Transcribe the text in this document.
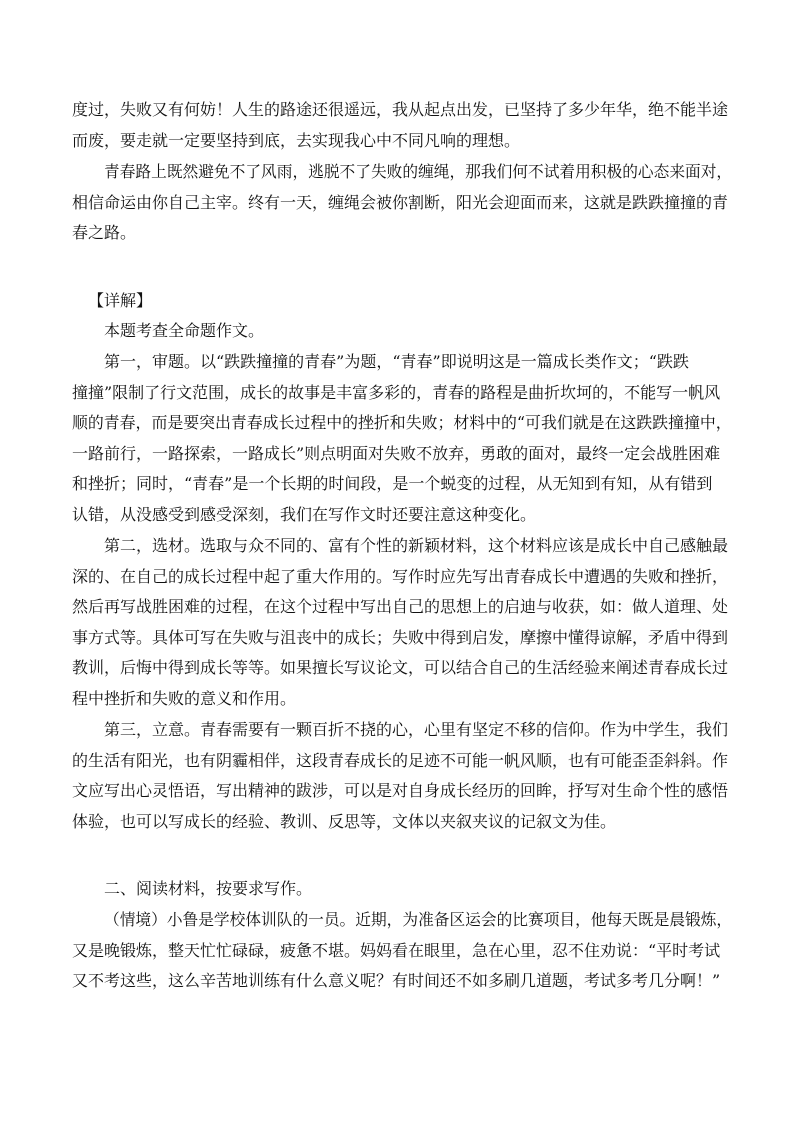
度过，失败又有何妨！人生的路途还很遥远，我从起点出发，已坚持了多少年华，绝不能半途
而废，要走就一定要坚持到底，去实现我心中不同凡响的理想。

青春路上既然避免不了风雨，逃脱不了失败的缠绳，那我们何不试着用积极的心态来面对，
相信命运由你自己主宰。终有一天，缠绳会被你割断，阳光会迎面而来，这就是跌跌撞撞的青
春之路。

【详解】

本题考查全命题作文。

第一，审题。以“跌跌撞撞的青春”为题，“青春”即说明这是一篇成长类作文；“跌跌
撞撞”限制了行文范围，成长的故事是丰富多彩的，青春的路程是曲折坎坷的，不能写一帆风
顺的青春，而是要突出青春成长过程中的挫折和失败；材料中的“可我们就是在这跌跌撞撞中，
一路前行，一路探索，一路成长”则点明面对失败不放弃，勇敢的面对，最终一定会战胜困难
和挫折；同时，“青春”是一个长期的时间段，是一个蜕变的过程，从无知到有知，从有错到
认错，从没感受到感受深刻，我们在写作文时还要注意这种变化。

第二，选材。选取与众不同的、富有个性的新颖材料，这个材料应该是成长中自己感触最
深的、在自己的成长过程中起了重大作用的。写作时应先写出青春成长中遭遇的失败和挫折，
然后再写战胜困难的过程，在这个过程中写出自己的思想上的启迪与收获，如：做人道理、处
事方式等。具体可写在失败与沮丧中的成长；失败中得到启发，摩擦中懂得谅解，矛盾中得到
教训，后悔中得到成长等等。如果擅长写议论文，可以结合自己的生活经验来阐述青春成长过
程中挫折和失败的意义和作用。

第三，立意。青春需要有一颗百折不挠的心，心里有坚定不移的信仰。作为中学生，我们
的生活有阳光，也有阴霾相伴，这段青春成长的足迹不可能一帆风顺，也有可能歪歪斜斜。作
文应写出心灵悟语，写出精神的跋涉，可以是对自身成长经历的回眸，抒写对生命个性的感悟
体验，也可以写成长的经验、教训、反思等，文体以夹叙夹议的记叙文为佳。

二、阅读材料，按要求写作。

（情境）小鲁是学校体训队的一员。近期，为准备区运会的比赛项目，他每天既是晨锻炼，
又是晚锻炼，整天忙忙碌碌，疲惫不堪。妈妈看在眼里，急在心里，忍不住劝说：“平时考试
又不考这些，这么辛苦地训练有什么意义呢？有时间还不如多刷几道题，考试多考几分啊！”
